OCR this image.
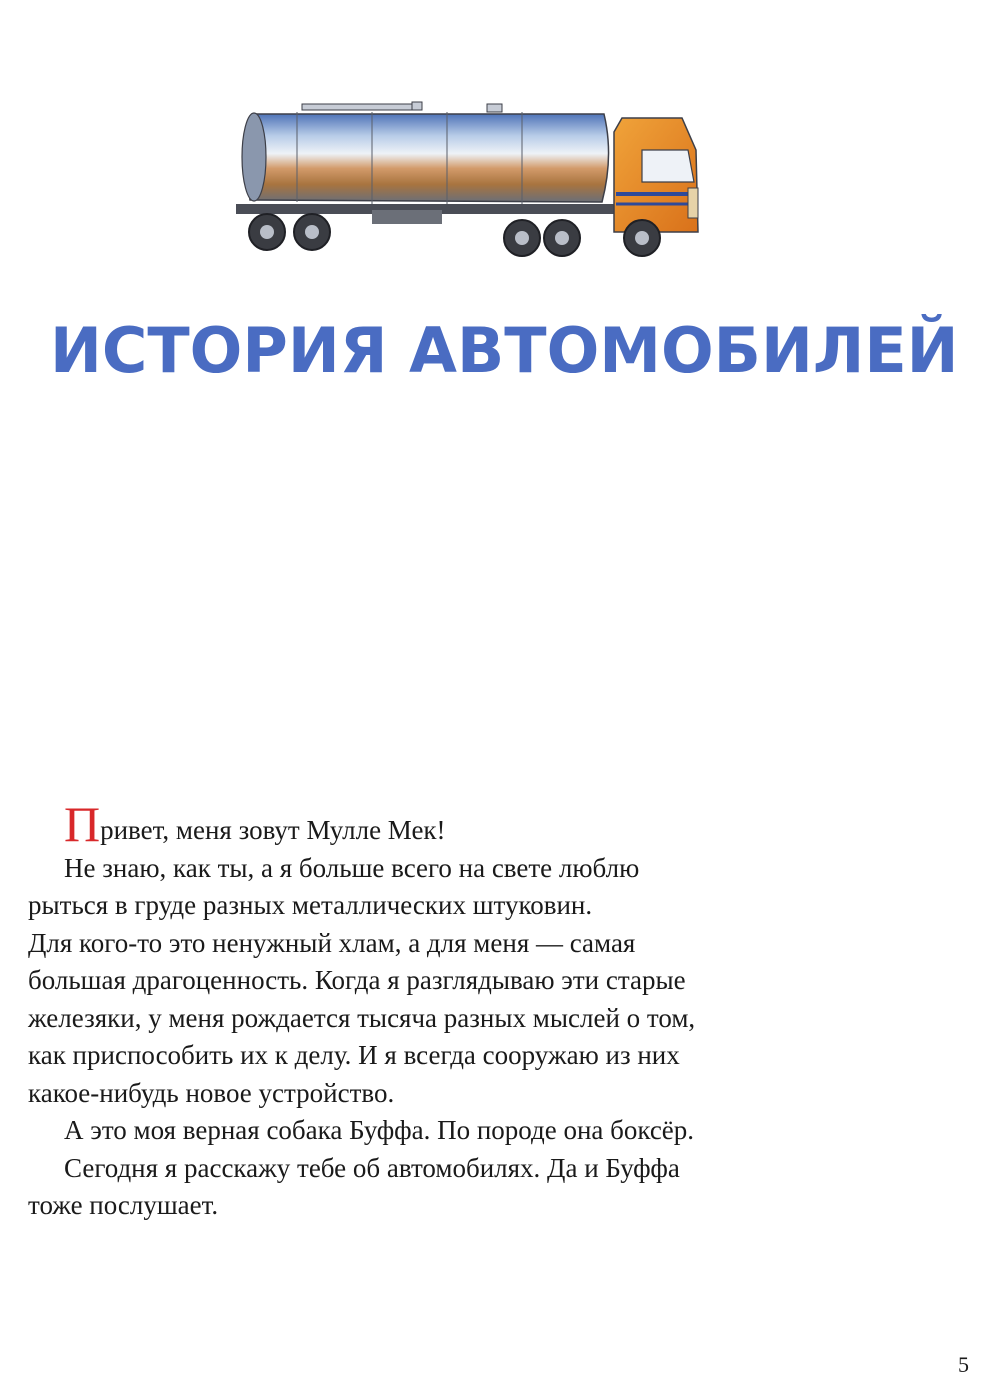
ИСТОРИЯ АВТОМОБИЛЕЙ
Привет, меня зовут Мулле Мек!
Не знаю, как ты, а я больше всего на свете люблю
рыться в груде разных металлических штуковин.
Для кого-то это ненужный хлам, а для меня — самая
большая драгоценность. Когда я разглядываю эти старые
железяки, у меня рождается тысяча разных мыслей о том,
как приспособить их к делу. И я всегда сооружаю из них
какое-нибудь новое устройство.
А это моя верная собака Буффа. По породе она боксёр.
Сегодня я расскажу тебе об автомобилях. Да и Буффа
тоже послушает.
5
